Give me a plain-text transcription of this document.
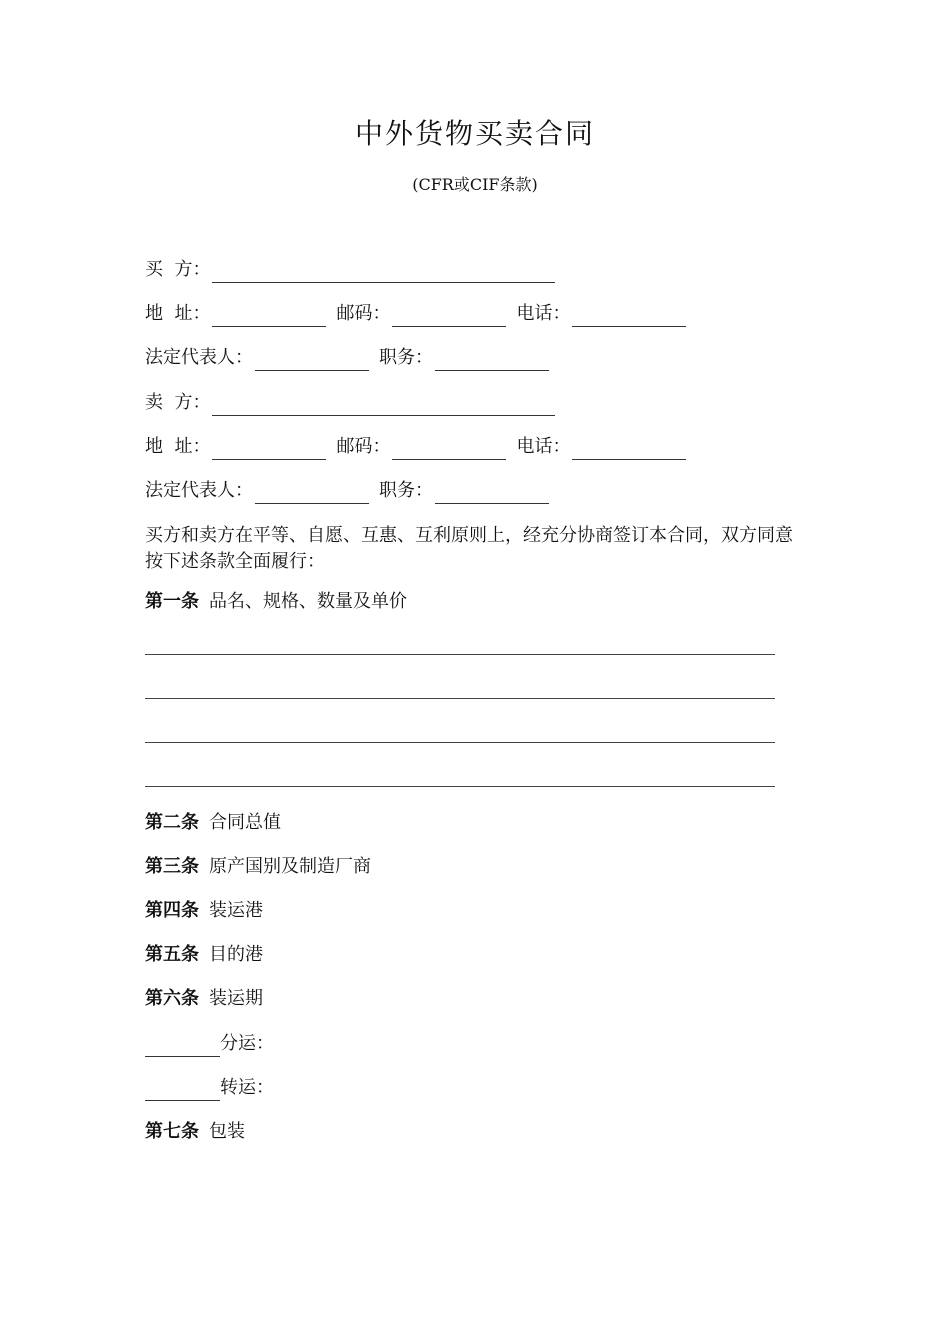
中外货物买卖合同
(CFR或CIF条款)
买  方：
地  址：	邮码：	电话：
法定代表人：	职务：
卖  方：
地  址：	邮码：	电话：
法定代表人：	职务：
买方和卖方在平等、自愿、互惠、互利原则上，经充分协商签订本合同，双方同意按下述条款全面履行：
第一条 品名、规格、数量及单价
第二条 合同总值
第三条 原产国别及制造厂商
第四条 装运港
第五条 目的港
第六条 装运期
分运：
转运：
第七条 包装
